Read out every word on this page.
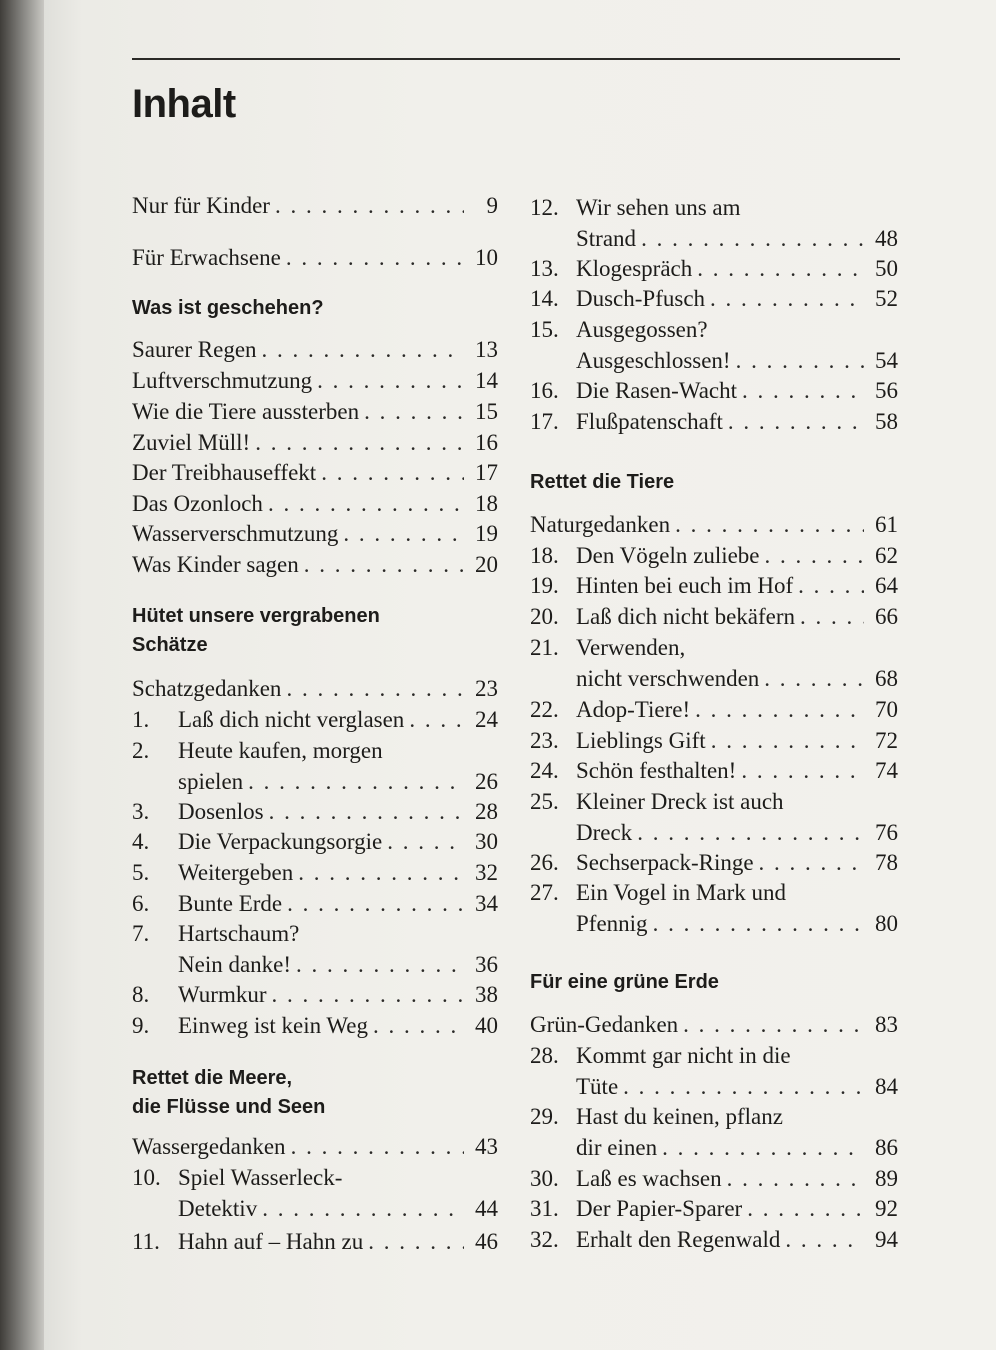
Inhalt
Nur für Kinder . . .	9
Für Erwachsene . . .	10
Was ist geschehen?
Saurer Regen . . .	13
Luftverschmutzung . . .	14
Wie die Tiere aussterben . . .	15
Zuviel Müll! . . .	16
Der Treibhauseffekt . . .	17
Das Ozonloch . . .	18
Wasserverschmutzung . . .	19
Was Kinder sagen . . .	20
Hütet unsere vergrabenen
Schätze
Schatzgedanken . . .	23
1.	Laß dich nicht verglasen . . .	24
2.	Heute kaufen, morgen
spielen . . .	26
3.	Dosenlos . . .	28
4.	Die Verpackungsorgie . . .	30
5.	Weitergeben . . .	32
6.	Bunte Erde . . .	34
7.	Hartschaum?
Nein danke! . . .	36
8.	Wurmkur . . .	38
9.	Einweg ist kein Weg . . .	40
Rettet die Meere,
die Flüsse und Seen
Wassergedanken . . .	43
10. Spiel Wasserleck-
Detektiv . . .	44
11. Hahn auf – Hahn zu . . .	46
12. Wir sehen uns am
Strand . . .	48
13. Klogespräch . . .	50
14. Dusch-Pfusch . . .	52
15. Ausgegossen?
Ausgeschlossen! . . .	54
16. Die Rasen-Wacht . . .	56
17. Flußpatenschaft . . .	58
Rettet die Tiere
Naturgedanken . . .	61
18. Den Vögeln zuliebe . . .	62
19. Hinten bei euch im Hof . . .	64
20. Laß dich nicht bekäfern . . .	66
21. Verwenden,
nicht verschwenden . . .	68
22. Adop-Tiere! . . .	70
23. Lieblings Gift . . .	72
24. Schön festhalten! . . .	74
25. Kleiner Dreck ist auch
Dreck . . .	76
26. Sechserpack-Ringe . . .	78
27. Ein Vogel in Mark und
Pfennig . . .	80
Für eine grüne Erde
Grün-Gedanken . . .	83
28. Kommt gar nicht in die
Tüte . . .	84
29. Hast du keinen, pflanz
dir einen . . .	86
30. Laß es wachsen . . .	89
31. Der Papier-Sparer . . .	92
32. Erhalt den Regenwald . . .	94
